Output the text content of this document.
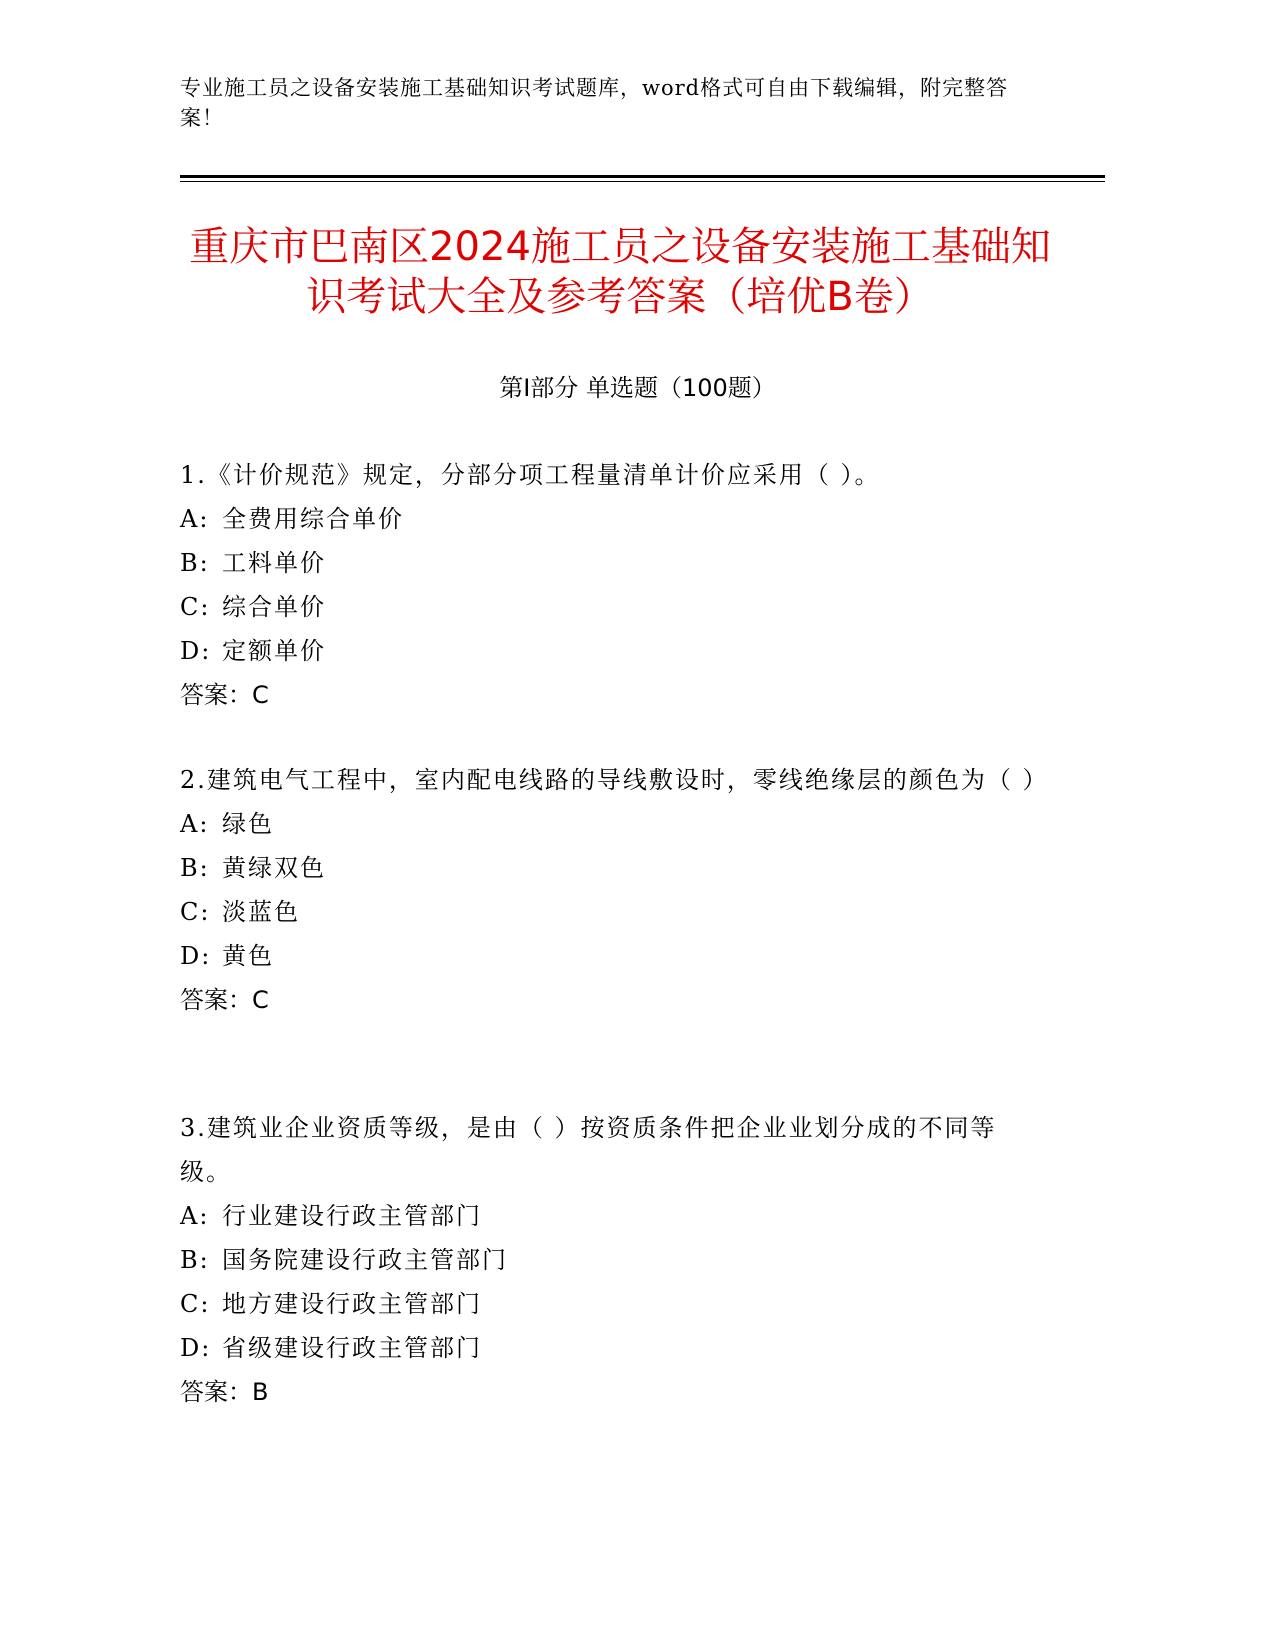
专业施工员之设备安装施工基础知识考试题库，word格式可自由下载编辑，附完整答案！
重庆市巴南区2024施工员之设备安装施工基础知识考试大全及参考答案（培优B卷）
第Ⅰ部分 单选题（100题）
1.《计价规范》规定，分部分项工程量清单计价应采用（ ）。
A: 全费用综合单价
B: 工料单价
C: 综合单价
D: 定额单价
答案：C
2.建筑电气工程中，室内配电线路的导线敷设时，零线绝缘层的颜色为（ ）
A: 绿色
B: 黄绿双色
C: 淡蓝色
D: 黄色
答案：C
3.建筑业企业资质等级，是由（ ）按资质条件把企业业划分成的不同等级。
A: 行业建设行政主管部门
B: 国务院建设行政主管部门
C: 地方建设行政主管部门
D: 省级建设行政主管部门
答案：B
